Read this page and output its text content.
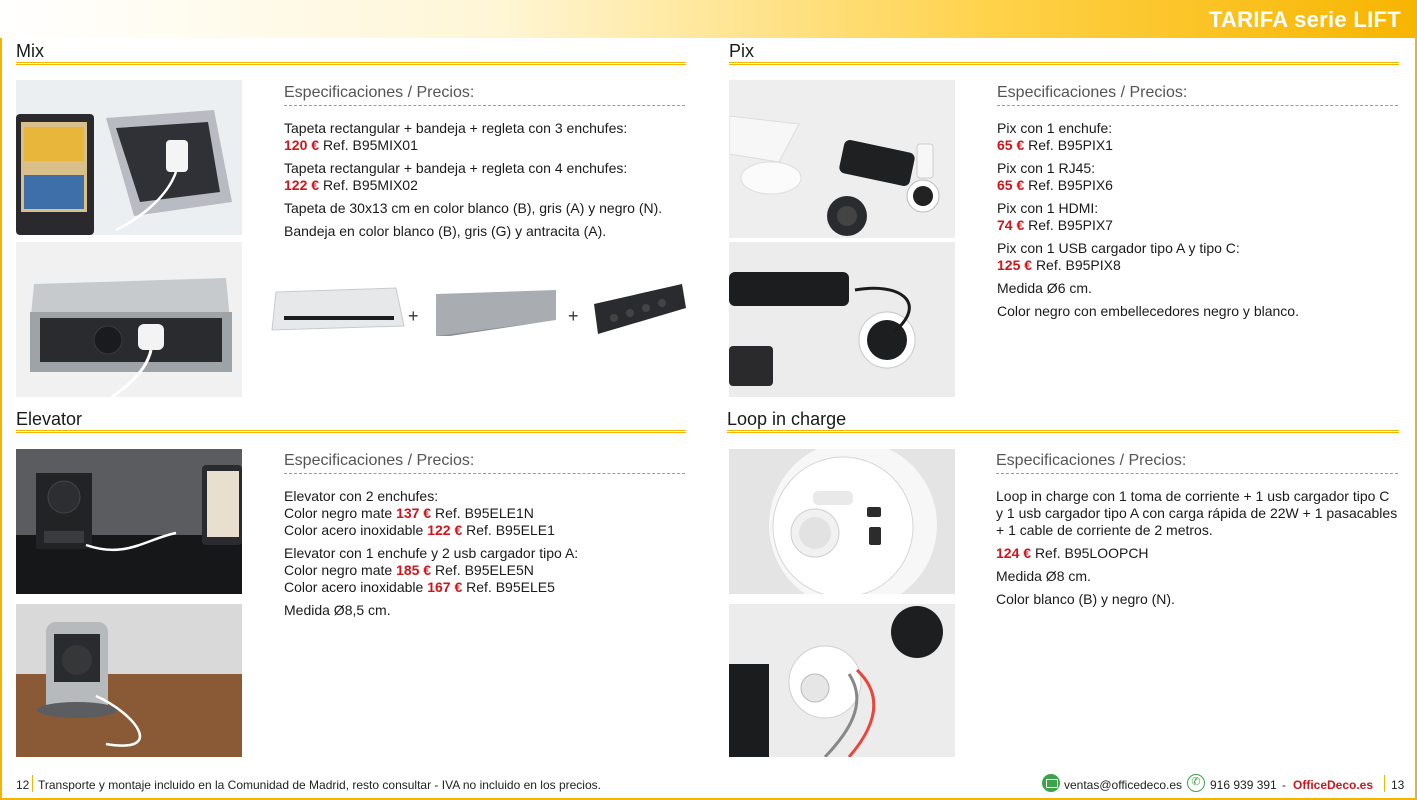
TARIFA serie LIFT
Mix
Especificaciones / Precios:

Tapeta rectangular + bandeja + regleta con 3 enchufes:
120 € Ref. B95MIX01

Tapeta rectangular + bandeja + regleta con 4 enchufes:
122 € Ref. B95MIX02

Tapeta de 30x13 cm en color blanco (B), gris (A) y negro (N).

Bandeja en color blanco (B), gris (G) y antracita (A).

+	+
Pix
Especificaciones / Precios:

Pix con 1 enchufe:
65 € Ref. B95PIX1

Pix con 1 RJ45:
65 € Ref. B95PIX6

Pix con 1 HDMI:
74 € Ref. B95PIX7

Pix con 1 USB cargador tipo A y tipo C:
125 € Ref. B95PIX8

Medida Ø6 cm.

Color negro con embellecedores negro y blanco.

Elevator
Especificaciones / Precios:

Elevator con 2 enchufes:
Color negro mate 137 € Ref. B95ELE1N
Color acero inoxidable 122 € Ref. B95ELE1

Elevator con 1 enchufe y 2 usb cargador tipo A:
Color negro mate 185 € Ref. B95ELE5N
Color acero inoxidable 167 € Ref. B95ELE5

Medida Ø8,5 cm.

Loop in charge
Especificaciones / Precios:

Loop in charge con 1 toma de corriente + 1 usb cargador tipo C y 1 usb cargador tipo A con carga rápida de 22W + 1 pasacables + 1 cable de corriente de 2 metros.

124 € Ref. B95LOOPCH

Medida Ø8 cm.

Color blanco (B) y negro (N).

12 Transporte y montaje incluido en la Comunidad de Madrid, resto consultar - IVA no incluido en los precios.	ventas@officedeco.es ✆ 916 939 391 - OfficeDeco.es 13
